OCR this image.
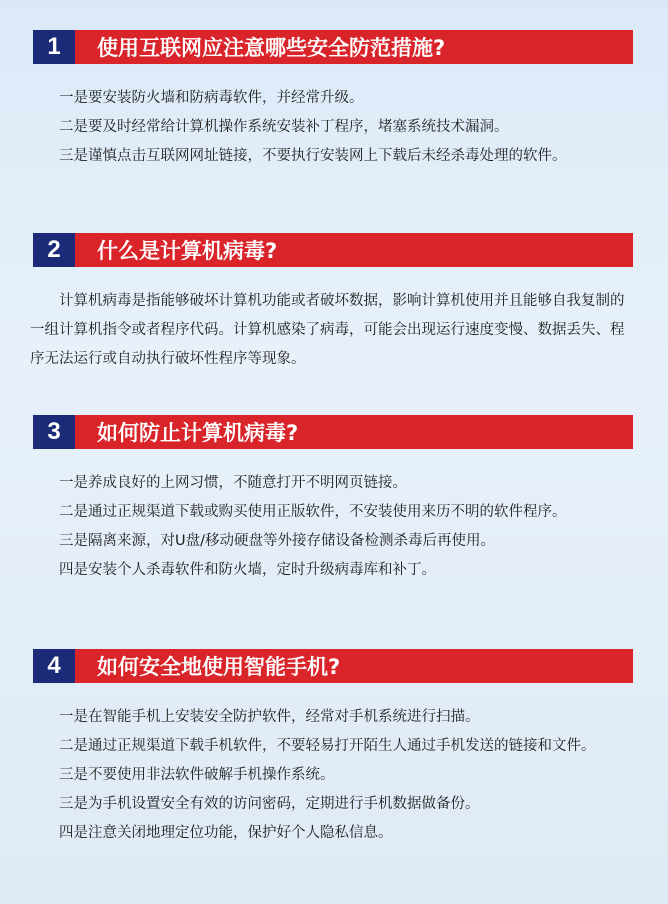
1	使用互联网应注意哪些安全防范措施?

一是要安装防火墙和防病毒软件，并经常升级。

二是要及时经常给计算机操作系统安装补丁程序，堵塞系统技术漏洞。

三是谨慎点击互联网网址链接，不要执行安装网上下载后未经杀毒处理的软件。

2	什么是计算机病毒?

计算机病毒是指能够破坏计算机功能或者破坏数据，影响计算机使用并且能够自我复制的一组计算机指令或者程序代码。计算机感染了病毒，可能会出现运行速度变慢、数据丢失、程序无法运行或自动执行破坏性程序等现象。

3	如何防止计算机病毒?

一是养成良好的上网习惯，不随意打开不明网页链接。

二是通过正规渠道下载或购买使用正版软件，不安装使用来历不明的软件程序。

三是隔离来源，对U盘/移动硬盘等外接存储设备检测杀毒后再使用。

四是安装个人杀毒软件和防火墙，定时升级病毒库和补丁。

4	如何安全地使用智能手机?

一是在智能手机上安装安全防护软件，经常对手机系统进行扫描。

二是通过正规渠道下载手机软件，不要轻易打开陌生人通过手机发送的链接和文件。

三是不要使用非法软件破解手机操作系统。

三是为手机设置安全有效的访问密码，定期进行手机数据做备份。

四是注意关闭地理定位功能，保护好个人隐私信息。
